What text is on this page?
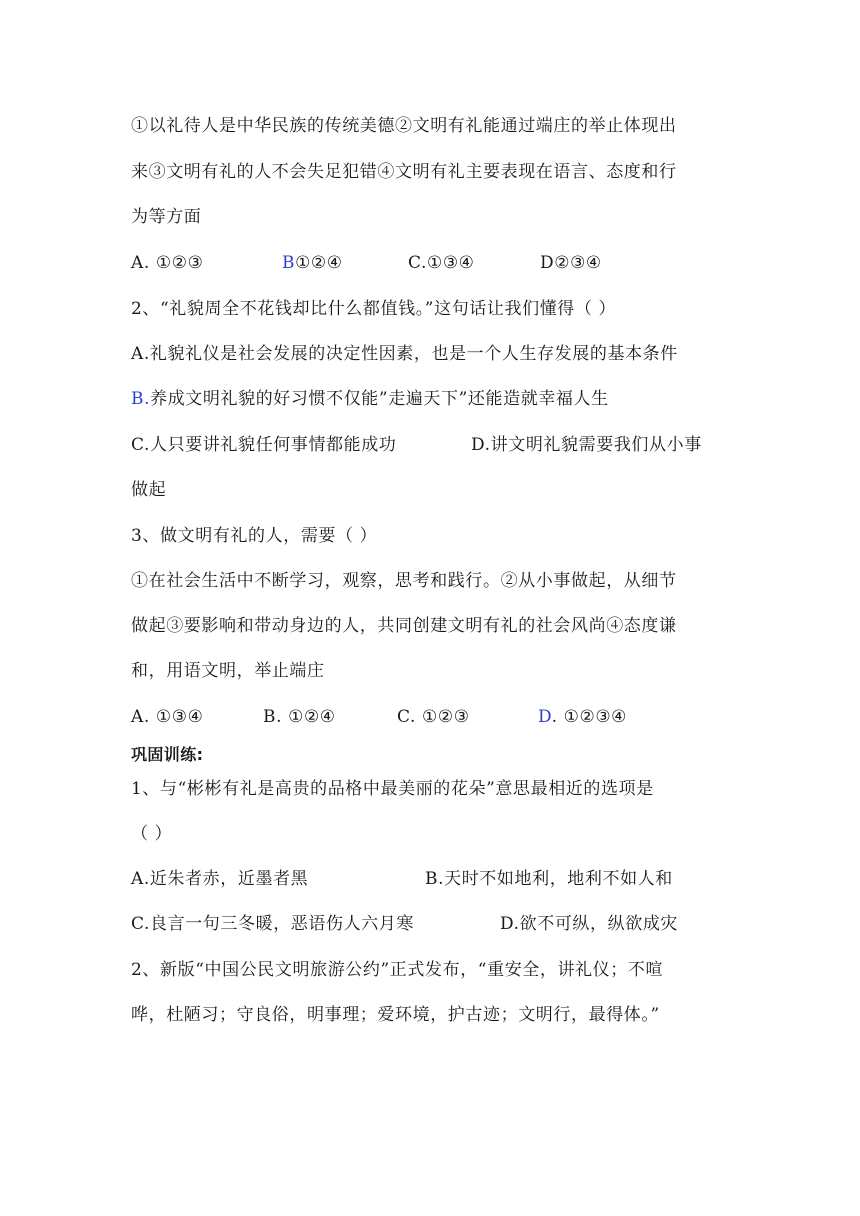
①以礼待人是中华民族的传统美德②文明有礼能通过端庄的举止体现出
来③文明有礼的人不会失足犯错④文明有礼主要表现在语言、态度和行
为等方面
A. ①②③	B①②④	C.①③④	D②③④
2、“礼貌周全不花钱却比什么都值钱。”这句话让我们懂得（ ）
A.礼貌礼仪是社会发展的决定性因素，也是一个人生存发展的基本条件
B.养成文明礼貌的好习惯不仅能”走遍天下”还能造就幸福人生
C.人只要讲礼貌任何事情都能成功	D.讲文明礼貌需要我们从小事
做起
3、做文明有礼的人，需要（ ）
①在社会生活中不断学习，观察，思考和践行。②从小事做起，从细节
做起③要影响和带动身边的人，共同创建文明有礼的社会风尚④态度谦
和，用语文明，举止端庄
A. ①③④	B. ①②④	C. ①②③	D. ①②③④
巩固训练:
1、与“彬彬有礼是高贵的品格中最美丽的花朵”意思最相近的选项是
（ ）
A.近朱者赤，近墨者黑	B.天时不如地利，地利不如人和
C.良言一句三冬暖，恶语伤人六月寒	D.欲不可纵，纵欲成灾
2、新版“中国公民文明旅游公约”正式发布，“重安全，讲礼仪；不喧
哗，杜陋习；守良俗，明事理；爱环境，护古迹；文明行，最得体。”
